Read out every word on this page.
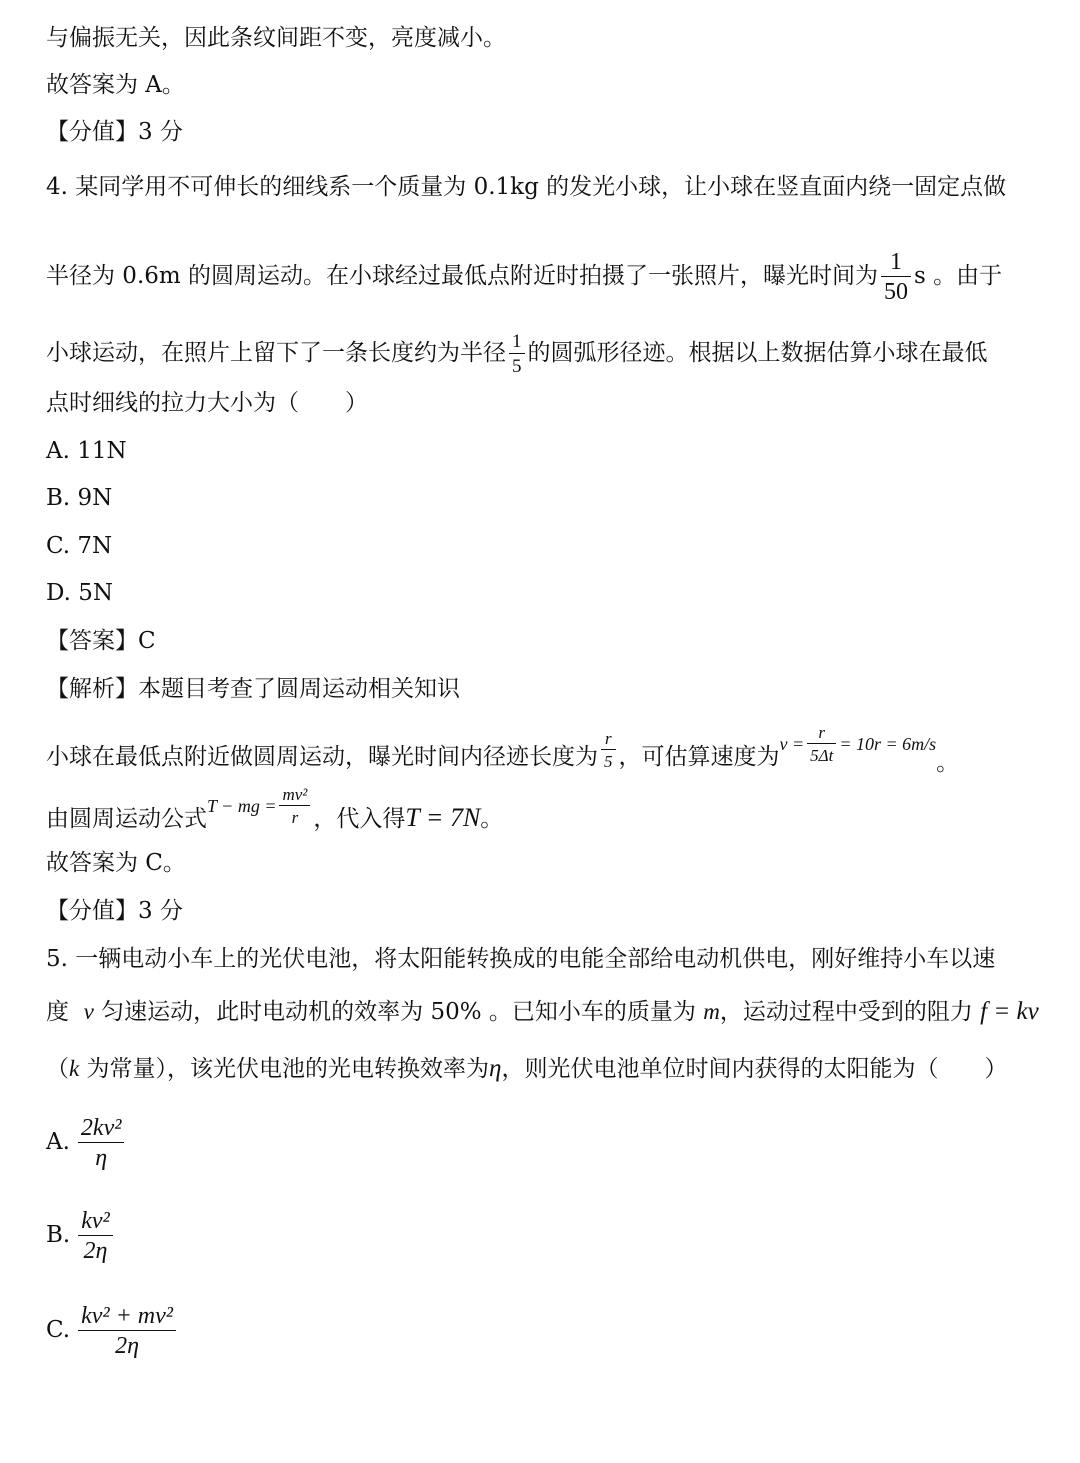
与偏振无关，因此条纹间距不变，亮度减小。
故答案为 A。
【分值】3 分
4. 某同学用不可伸长的细线系一个质量为 0.1kg 的发光小球，让小球在竖直面内绕一固定点做
半径为 0.6m 的圆周运动。在小球经过最低点附近时拍摄了一张照片，曝光时间为 $\frac{1}{50}$ s 。由于
小球运动，在照片上留下了一条长度约为半径 $\frac{1}{5}$ 的圆弧形径迹。根据以上数据估算小球在最低
点时细线的拉力大小为（　　）
A. 11N
B. 9N
C. 7N
D. 5N
【答案】C
【解析】本题目考查了圆周运动相关知识
小球在最低点附近做圆周运动，曝光时间内径迹长度为 $\frac{r}{5}$ ，可估算速度为$^{v =} \frac{r}{5\Delta t} ^{= 10r = 6m/s}$。
由圆周运动公式$^{T - mg =} \frac{\text{mv²}}{r}$ ，代入得T = 7N。
故答案为 C。
【分值】3 分
5. 一辆电动小车上的光伏电池，将太阳能转换成的电能全部给电动机供电，刚好维持小车以速
度 v 匀速运动，此时电动机的效率为 50% 。已知小车的质量为 m，运动过程中受到的阻力 f = kv
（k 为常量），该光伏电池的光电转换效率为η，则光伏电池单位时间内获得的太阳能为（　　）
A. $\frac{\text{2kv²}}{\eta}$
B. $\frac{\text{kv²}}{2\eta}$
C. $\frac{\text{kv² + mv²}}{2\eta}$
